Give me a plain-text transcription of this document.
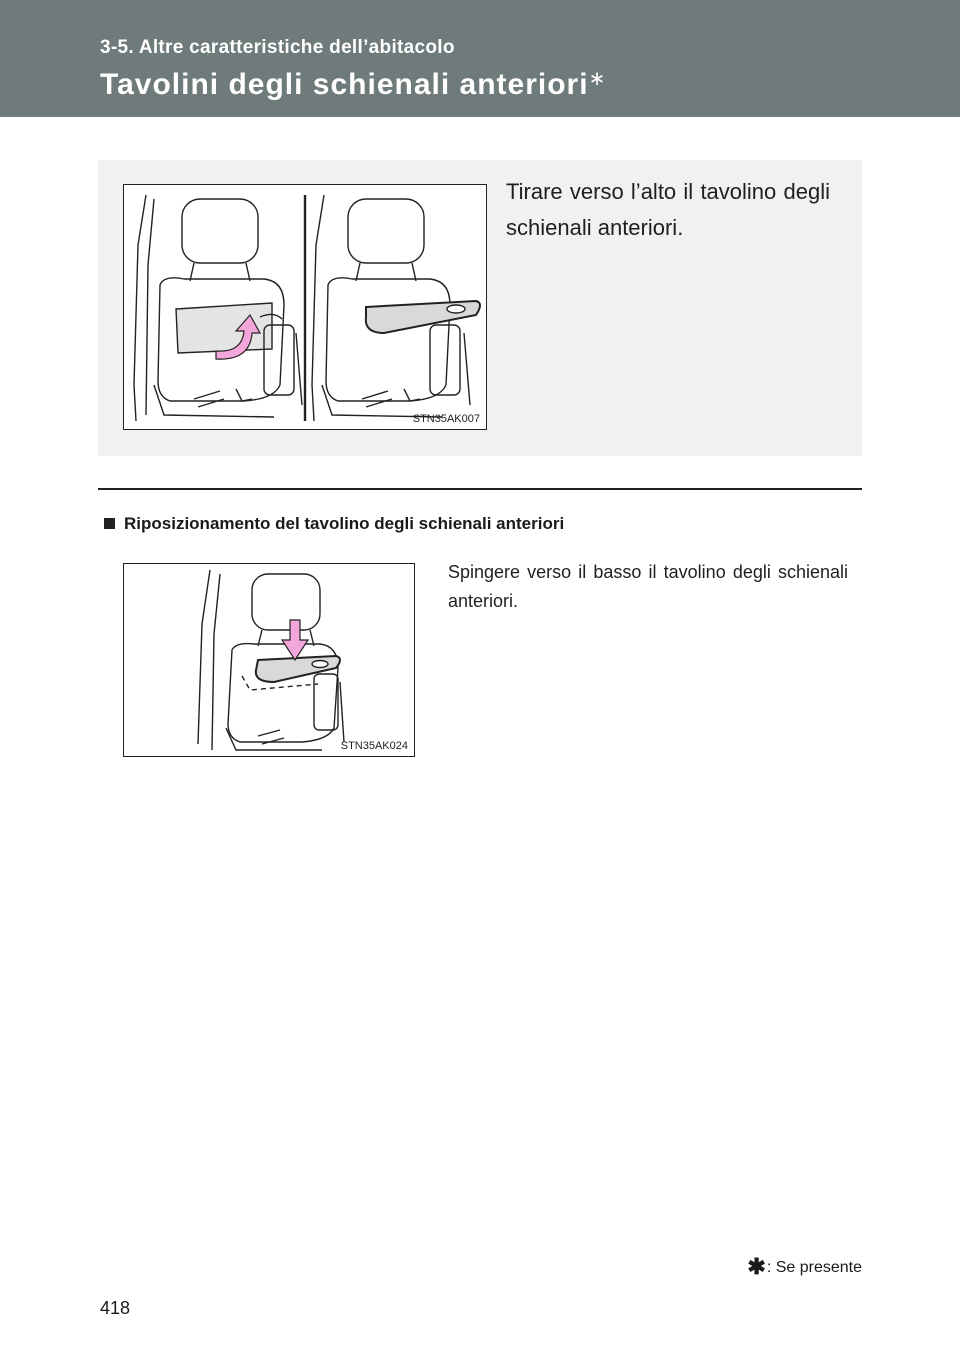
3-5. Altre caratteristiche dell’abitacolo
Tavolini degli schienali anteriori∗
STN35AK007
Tirare verso l’alto il tavolino degli schienali anteriori.
Riposizionamento del tavolino degli schienali anteriori
STN35AK024
Spingere verso il basso il tavolino degli schienali anteriori.
✱: Se presente
418
